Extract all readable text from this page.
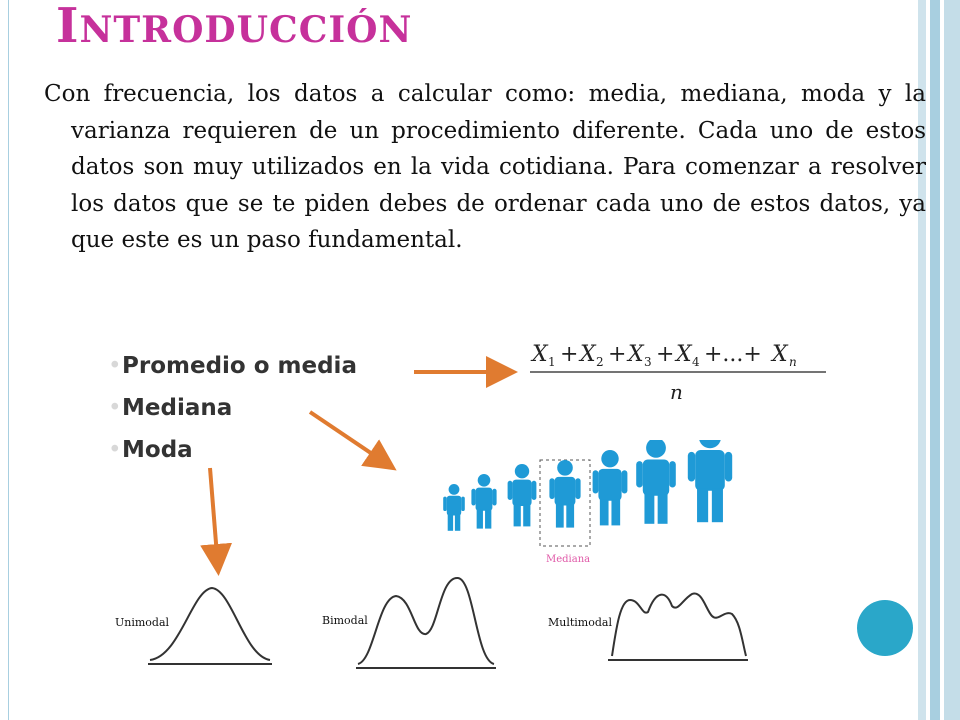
INTRODUCCIÓN

Con frecuencia, los datos a calcular como: media, mediana, moda y la varianza requieren de un procedimiento diferente. Cada uno de estos datos son muy utilizados en la vida cotidiana. Para comenzar a resolver los datos que se te piden debes de ordenar cada uno de estos datos, ya que este es un paso fundamental.

• Promedio o media
• Mediana
• Moda
X 1 + X 2 + X 3 + X 4 +...+ X n
n
Mediana
Unimodal	Bimodal	Multimodal
